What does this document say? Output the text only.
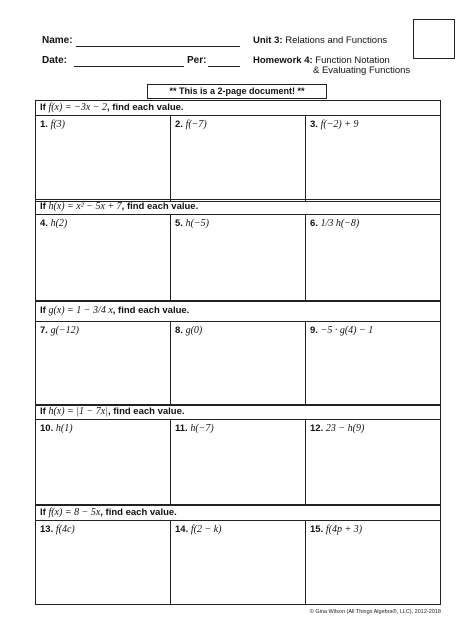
Name:
Date:	Per:
Unit 3: Relations and Functions
Homework 4: Function Notation
& Evaluating Functions
** This is a 2-page document! **
If f(x) = −3x − 2, find each value.
1. f(3)	2. f(−7)	3. f(−2) + 9
If h(x) = x² − 5x + 7, find each value.
4. h(2)	5. h(−5)	6. 1/3 h(−8)
If g(x) = 1 − 3/4 x, find each value.
7. g(−12)	8. g(0)	9. −5 · g(4) − 1
If h(x) = |1 − 7x|, find each value.
10. h(1)	11. h(−7)	12. 23 − h(9)
If f(x) = 8 − 5x, find each value.
13. f(4c)	14. f(2 − k)	15. f(4p + 3)
© Gina Wilson (All Things Algebra®, LLC), 2012-2018
